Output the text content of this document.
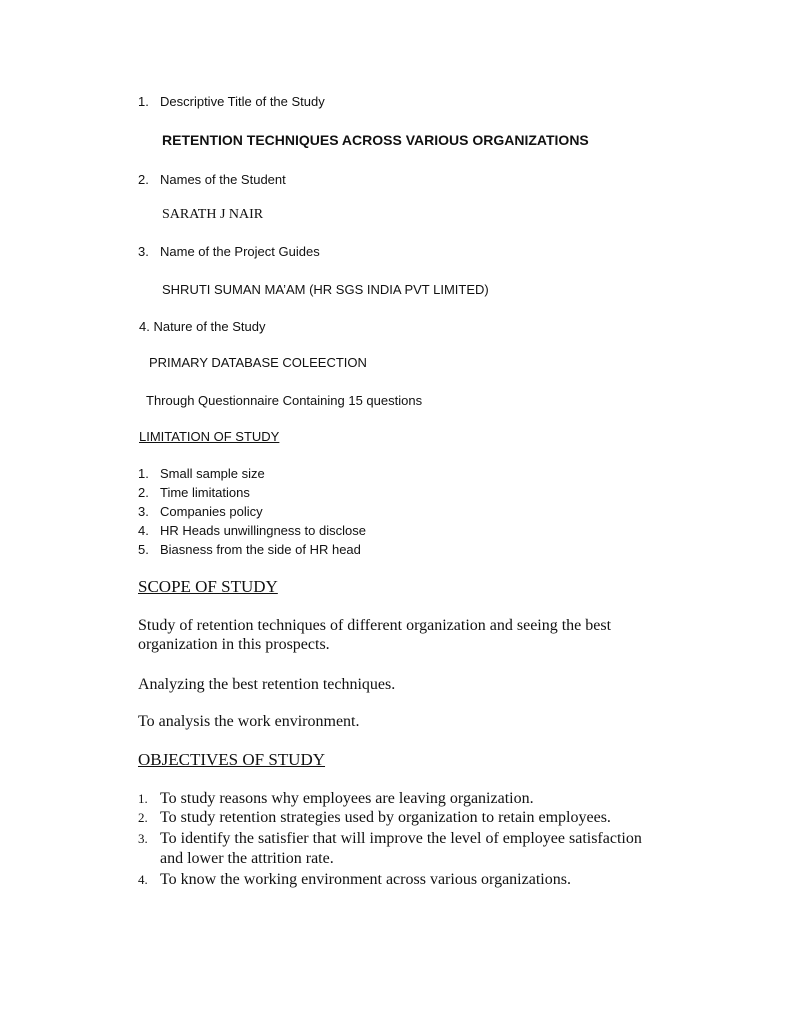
1. Descriptive Title of the Study
RETENTION TECHNIQUES ACROSS VARIOUS ORGANIZATIONS
2. Names of the Student
SARATH J NAIR
3. Name of the Project Guides
SHRUTI SUMAN MA’AM (HR SGS INDIA PVT LIMITED)
4. Nature of the Study
PRIMARY DATABASE COLEECTION
Through Questionnaire Containing 15 questions
LIMITATION OF STUDY
1. Small sample size
2. Time limitations
3. Companies policy
4. HR Heads unwillingness to disclose
5. Biasness from the side of HR head
SCOPE OF STUDY
Study of retention techniques of different organization and seeing the best
organization in this prospects.
Analyzing the best retention techniques.
To analysis the work environment.
OBJECTIVES OF STUDY
1. To study reasons why employees are leaving organization.
2. To study retention strategies used by organization to retain employees.
3. To identify the satisfier that will improve the level of employee satisfaction
and lower the attrition rate.
4. To know the working environment across various organizations.
